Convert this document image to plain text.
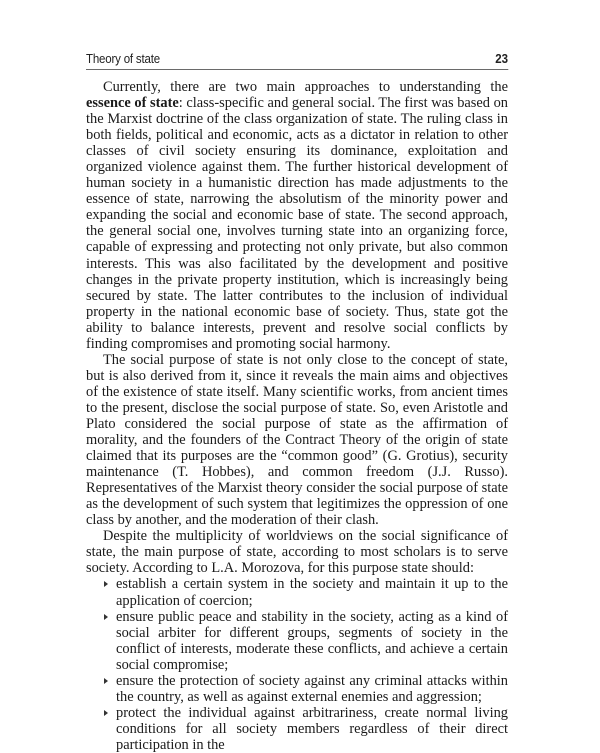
Theory of state	23

Currently, there are two main approaches to understanding the essence of state: class-specific and general social. The first was based on the Marxist doctrine of the class organization of state. The ruling class in both fields, political and economic, acts as a dictator in relation to other classes of civil society ensuring its dominance, exploitation and organized violence against them. The further historical development of human society in a humanistic direction has made adjustments to the essence of state, narrowing the absolutism of the minority power and expanding the social and economic base of state. The second approach, the general social one, involves turning state into an organizing force, capable of expressing and protecting not only private, but also common interests. This was also facilitated by the development and positive changes in the private property institution, which is increasingly being secured by state. The latter contributes to the inclusion of individual property in the national economic base of society. Thus, state got the ability to balance interests, prevent and resolve social conflicts by finding compromises and promoting social harmony.

The social purpose of state is not only close to the concept of state, but is also derived from it, since it reveals the main aims and objectives of the existence of state itself. Many scientific works, from ancient times to the present, disclose the social purpose of state. So, even Aristotle and Plato considered the social purpose of state as the affirmation of morality, and the founders of the Contract Theory of the origin of state claimed that its purposes are the “common good” (G. Grotius), security maintenance (T. Hobbes), and common freedom (J.J. Russo). Representatives of the Marxist theory consider the social purpose of state as the development of such system that legitimizes the oppression of one class by another, and the moderation of their clash.

Despite the multiplicity of worldviews on the social significance of state, the main purpose of state, according to most scholars is to serve society. According to L.A. Morozova, for this purpose state should:

establish a certain system in the society and maintain it up to the application of coercion;
ensure public peace and stability in the society, acting as a kind of social arbiter for different groups, segments of society in the conflict of interests, moderate these conflicts, and achieve a certain social compromise;
ensure the protection of society against any criminal attacks within the country, as well as against external enemies and aggression;
protect the individual against arbitrariness, create normal living conditions for all society members regardless of their direct participation in the
